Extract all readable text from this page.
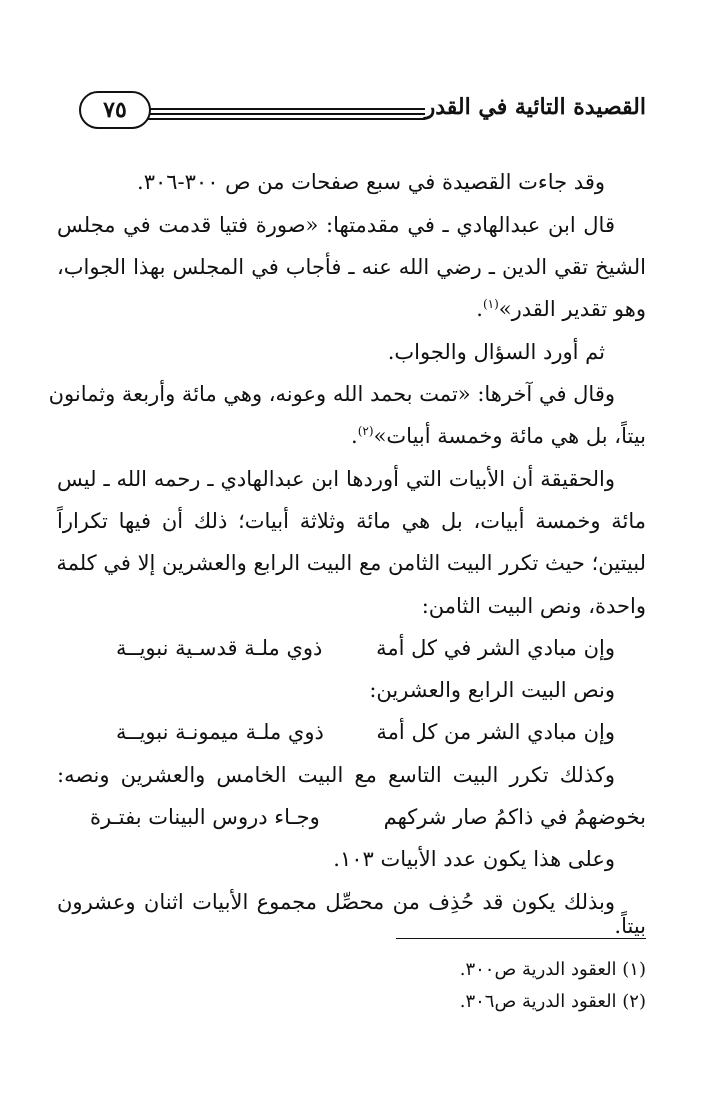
القصيدة التائية في القدر
٧٥
وقد جاءت القصيدة في سبع صفحات من ص ٣٠٠-٣٠٦.
قال ابن عبدالهادي ـ في مقدمتها: «صورة فتيا قدمت في مجلس
الشيخ تقي الدين ـ رضي الله عنه ـ فأجاب في المجلس بهذا الجواب،
وهو تقدير القدر»$^{(١)}$.
ثم أورد السؤال والجواب.
وقال في آخرها: «تمت بحمد الله وعونه، وهي مائة وأربعة وثمانون
بيتاً، بل هي مائة وخمسة أبيات»$^{(٢)}$.
والحقيقة أن الأبيات التي أوردها ابن عبدالهادي ـ رحمه الله ـ ليس
مائة وخمسة أبيات، بل هي مائة وثلاثة أبيات؛ ذلك أن فيها تكراراً
لبيتين؛ حيث تكرر البيت الثامن مع البيت الرابع والعشرين إلا في كلمة
واحدة، ونص البيت الثامن:
وإن مبادي الشر في كل أمة
ذوي ملـة قدسـية نبويــة
ونص البيت الرابع والعشرين:
وإن مبادي الشر من كل أمة
ذوي ملـة ميمونـة نبويــة
وكذلك تكرر البيت التاسع مع البيت الخامس والعشرين ونصه:
بخوضهمُ في ذاكمُ صار شركهم
وجـاء دروس البينات بفتـرة
وعلى هذا يكون عدد الأبيات ١٠٣.
وبذلك يكون قد حُذِف من محصِّل مجموع الأبيات اثنان وعشرون
بيتاً.
(١) العقود الدرية ص٣٠٠.
(٢) العقود الدرية ص٣٠٦.
